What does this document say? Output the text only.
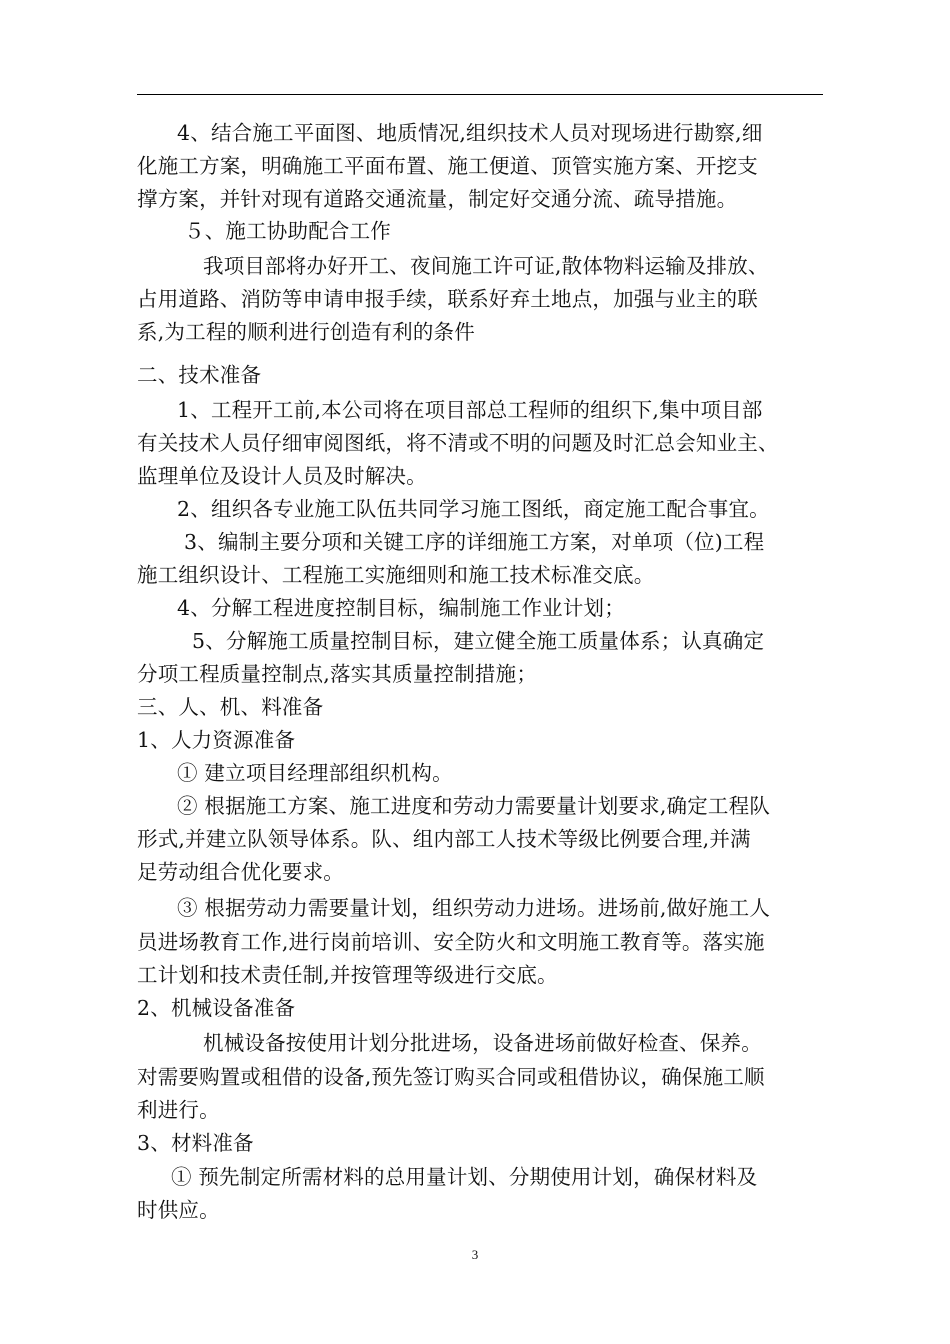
4、结合施工平面图、地质情况,组织技术人员对现场进行勘察,细
化施工方案，明确施工平面布置、施工便道、顶管实施方案、开挖支
撑方案，并针对现有道路交通流量，制定好交通分流、疏导措施。
５、施工协助配合工作
我项目部将办好开工、夜间施工许可证,散体物料运输及排放、
占用道路、消防等申请申报手续，联系好弃土地点，加强与业主的联
系,为工程的顺利进行创造有利的条件
二、技术准备
1、工程开工前,本公司将在项目部总工程师的组织下,集中项目部
有关技术人员仔细审阅图纸，将不清或不明的问题及时汇总会知业主、
监理单位及设计人员及时解决。
2、组织各专业施工队伍共同学习施工图纸，商定施工配合事宜。
3、编制主要分项和关键工序的详细施工方案，对单项（位)工程
施工组织设计、工程施工实施细则和施工技术标准交底。
4、分解工程进度控制目标，编制施工作业计划；
5、分解施工质量控制目标，建立健全施工质量体系；认真确定
分项工程质量控制点,落实其质量控制措施；
三、人、机、料准备
1、人力资源准备
① 建立项目经理部组织机构。
② 根据施工方案、施工进度和劳动力需要量计划要求,确定工程队
形式,并建立队领导体系。队、组内部工人技术等级比例要合理,并满
足劳动组合优化要求。
③ 根据劳动力需要量计划，组织劳动力进场。进场前,做好施工人
员进场教育工作,进行岗前培训、安全防火和文明施工教育等。落实施
工计划和技术责任制,并按管理等级进行交底。
2、机械设备准备
机械设备按使用计划分批进场，设备进场前做好检查、保养。
对需要购置或租借的设备,预先签订购买合同或租借协议，确保施工顺
利进行。
3、材料准备
① 预先制定所需材料的总用量计划、分期使用计划，确保材料及
时供应。
3
